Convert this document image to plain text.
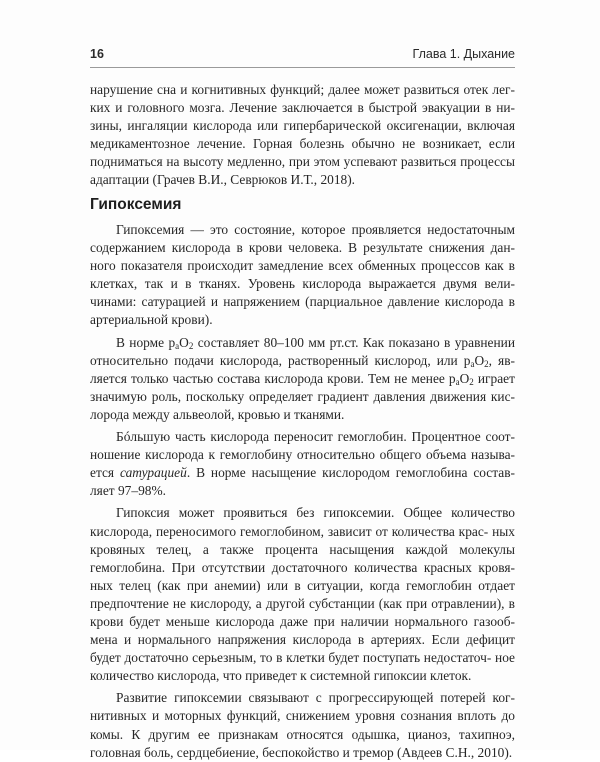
16	Глава 1. Дыхание

нарушение сна и когнитивных функций; далее может развиться отек лег- ких и головного мозга. Лечение заключается в быстрой эвакуации в ни- зины, ингаляции кислорода или гипербарической оксигенации, включая медикаментозное лечение. Горная болезнь обычно не возникает, если подниматься на высоту медленно, при этом успевают развиться процессы адаптации (Грачев В.И., Севрюков И.Т., 2018).

Гипоксемия

Гипоксемия — это состояние, которое проявляется недостаточным содержанием кислорода в крови человека. В результате снижения дан- ного показателя происходит замедление всех обменных процессов как в клетках, так и в тканях. Уровень кислорода выражается двумя вели- чинами: сатурацией и напряжением (парциальное давление кислорода в артериальной крови).

В норме $p_aO_2$ составляет 80–100 мм рт.ст. Как показано в уравнении относительно подачи кислорода, растворенный кислород, или $p_aO_2$, яв- ляется только частью состава кислорода крови. Тем не менее $p_aO_2$ играет значимую роль, поскольку определяет градиент давления движения кис- лорода между альвеолой, кровью и тканями.

Бóльшую часть кислорода переносит гемоглобин. Процентное соот- ношение кислорода к гемоглобину относительно общего объема называ- ется сатурацией. В норме насыщение кислородом гемоглобина состав- ляет 97–98%.

Гипоксия может проявиться без гипоксемии. Общее количество кислорода, переносимого гемоглобином, зависит от количества крас- ных кровяных телец, а также процента насыщения каждой молекулы гемоглобина. При отсутствии достаточного количества красных кровя- ных телец (как при анемии) или в ситуации, когда гемоглобин отдает предпочтение не кислороду, а другой субстанции (как при отравлении), в крови будет меньше кислорода даже при наличии нормального газооб- мена и нормального напряжения кислорода в артериях. Если дефицит будет достаточно серьезным, то в клетки будет поступать недостаточ- ное количество кислорода, что приведет к системной гипоксии клеток.

Развитие гипоксемии связывают с прогрессирующей потерей ког- нитивных и моторных функций, снижением уровня сознания вплоть до комы. К другим ее признакам относятся одышка, цианоз, тахипноэ, головная боль, сердцебиение, беспокойство и тремор (Авдеев С.Н., 2010).
